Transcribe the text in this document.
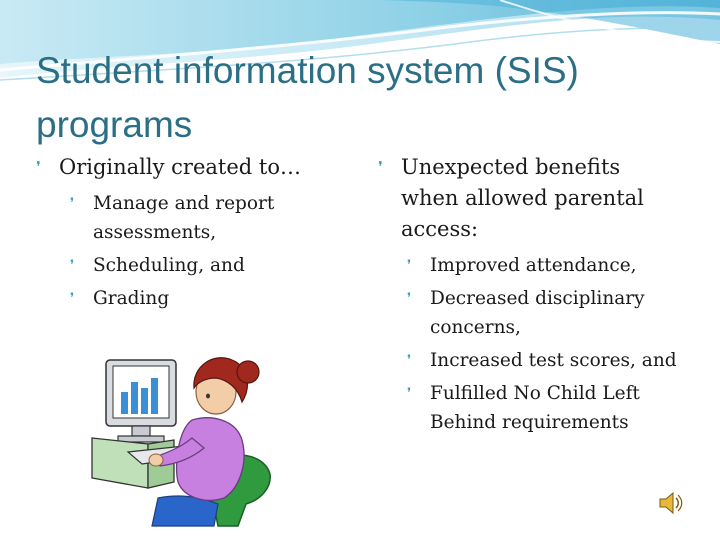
Student information system (SIS) programs
❜ Originally created to…
❜ Manage and report assessments,
❜ Scheduling, and
❜ Grading
❜ Unexpected benefits when allowed parental access:
❜ Improved attendance,
❜ Decreased disciplinary concerns,
❜ Increased test scores, and
❜ Fulfilled No Child Left Behind requirements
